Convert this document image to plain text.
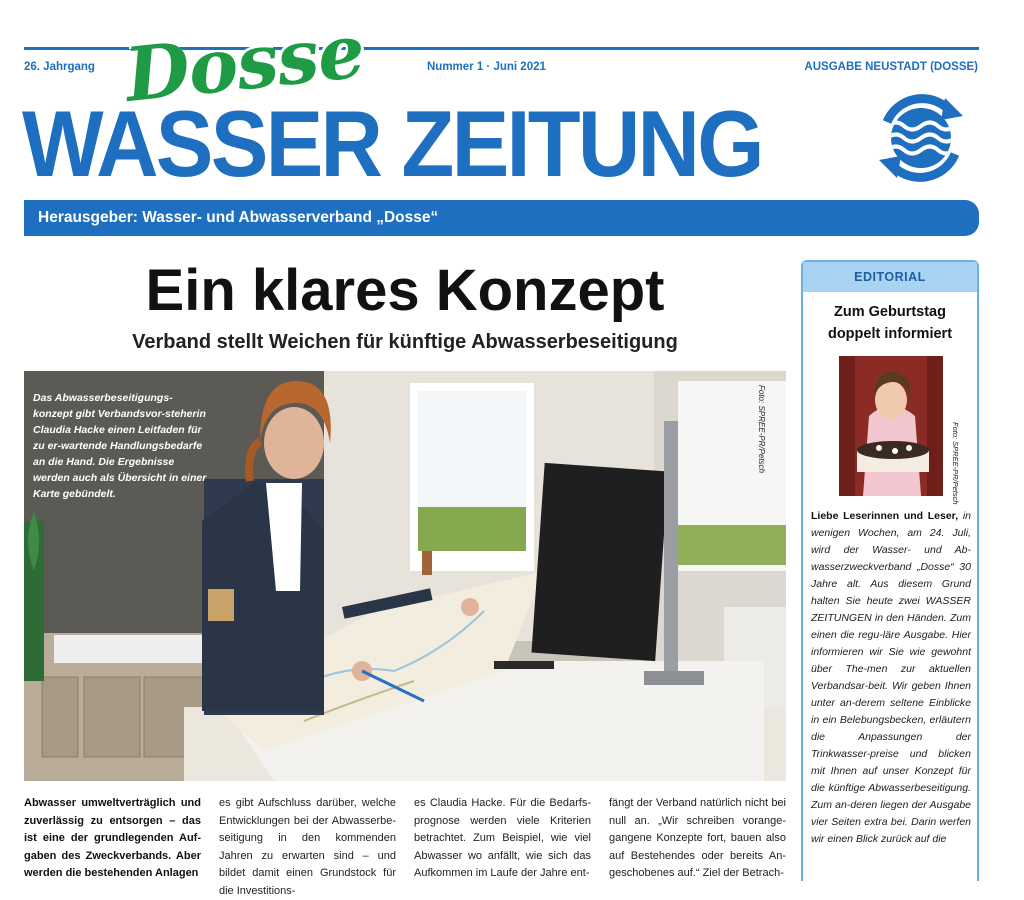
26. Jahrgang	Nummer 1 · Juni 2021	AUSGABE NEUSTADT (DOSSE)
WASSER ZEITUNG
Dosse
Herausgeber: Wasser- und Abwasserverband „Dosse“
Ein klares Konzept
Verband stellt Weichen für künftige Abwasserbeseitigung
Das Abwasserbeseitigungs-konzept gibt Verbandsvor-steherin Claudia Hacke einen Leitfaden für zu er-wartende Handlungsbedarfe an die Hand. Die Ergebnisse werden auch als Übersicht in einer Karte gebündelt.
Foto: SPREE-PR/Petsch
Abwasser umweltverträglich und zuverlässig zu entsorgen – das ist eine der grundlegenden Auf-gaben des Zweckverbands. Aber werden die bestehenden Anlagen
es gibt Aufschluss darüber, welche Entwicklungen bei der Abwasserbe-seitigung in den kommenden Jahren zu erwarten sind – und bildet damit einen Grundstock für die Investitions-
es Claudia Hacke. Für die Bedarfs-prognose werden viele Kriterien betrachtet. Zum Beispiel, wie viel Abwasser wo anfällt, wie sich das Aufkommen im Laufe der Jahre ent-
fängt der Verband natürlich nicht bei null an. „Wir schreiben vorange-gangene Konzepte fort, bauen also auf Bestehendes oder bereits An-geschobenes auf.“ Ziel der Betrach-
EDITORIAL
Zum Geburtstag doppelt informiert
Foto: SPREE-PR/Petsch

Liebe Leserinnen und Leser, in wenigen Wochen, am 24. Juli, wird der Wasser- und Ab-wasserzweckverband „Dosse“ 30 Jahre alt. Aus diesem Grund halten Sie heute zwei WASSER ZEITUNGEN in den Händen. Zum einen die regu-läre Ausgabe. Hier informieren wir Sie wie gewohnt über The-men zur aktuellen Verbandsar-beit. Wir geben Ihnen unter an-derem seltene Einblicke in ein Belebungsbecken, erläutern die Anpassungen der Trinkwasser-preise und blicken mit Ihnen auf unser Konzept für die künftige Abwasserbeseitigung. Zum an-deren liegen der Ausgabe vier Seiten extra bei. Darin werfen wir einen Blick zurück auf die
